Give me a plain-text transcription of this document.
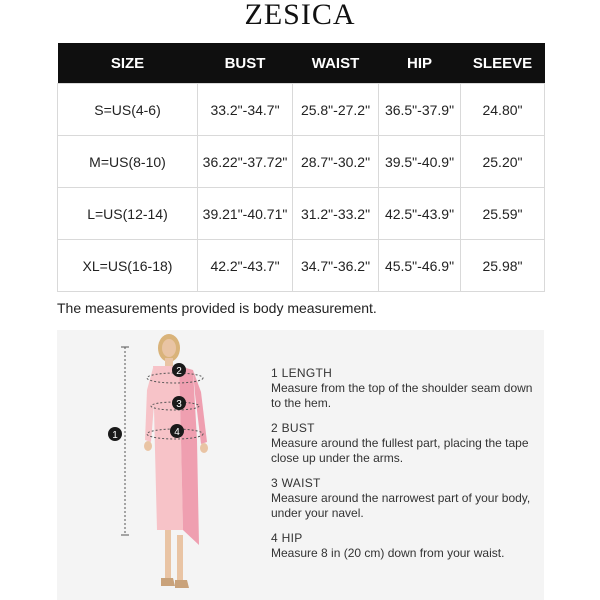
ZESICA
SIZE	BUST	WAIST	HIP	SLEEVE
S=US(4-6)	33.2"-34.7"	25.8"-27.2"	36.5"-37.9"	24.80"
M=US(8-10)	36.22"-37.72"	28.7"-30.2"	39.5"-40.9"	25.20"
L=US(12-14)	39.21"-40.71"	31.2"-33.2"	42.5"-43.9"	25.59"
XL=US(16-18)	42.2"-43.7"	34.7"-36.2"	45.5"-46.9"	25.98"
The measurements provided is body measurement.
1
2
3
4
1 LENGTH
Measure from the top of the shoulder seam down to the hem.
2 BUST
Measure around the fullest part, placing the tape close up under the arms.
3 WAIST
Measure around the narrowest part of your body, under your navel.
4 HIP
Measure 8 in (20 cm) down from your waist.
